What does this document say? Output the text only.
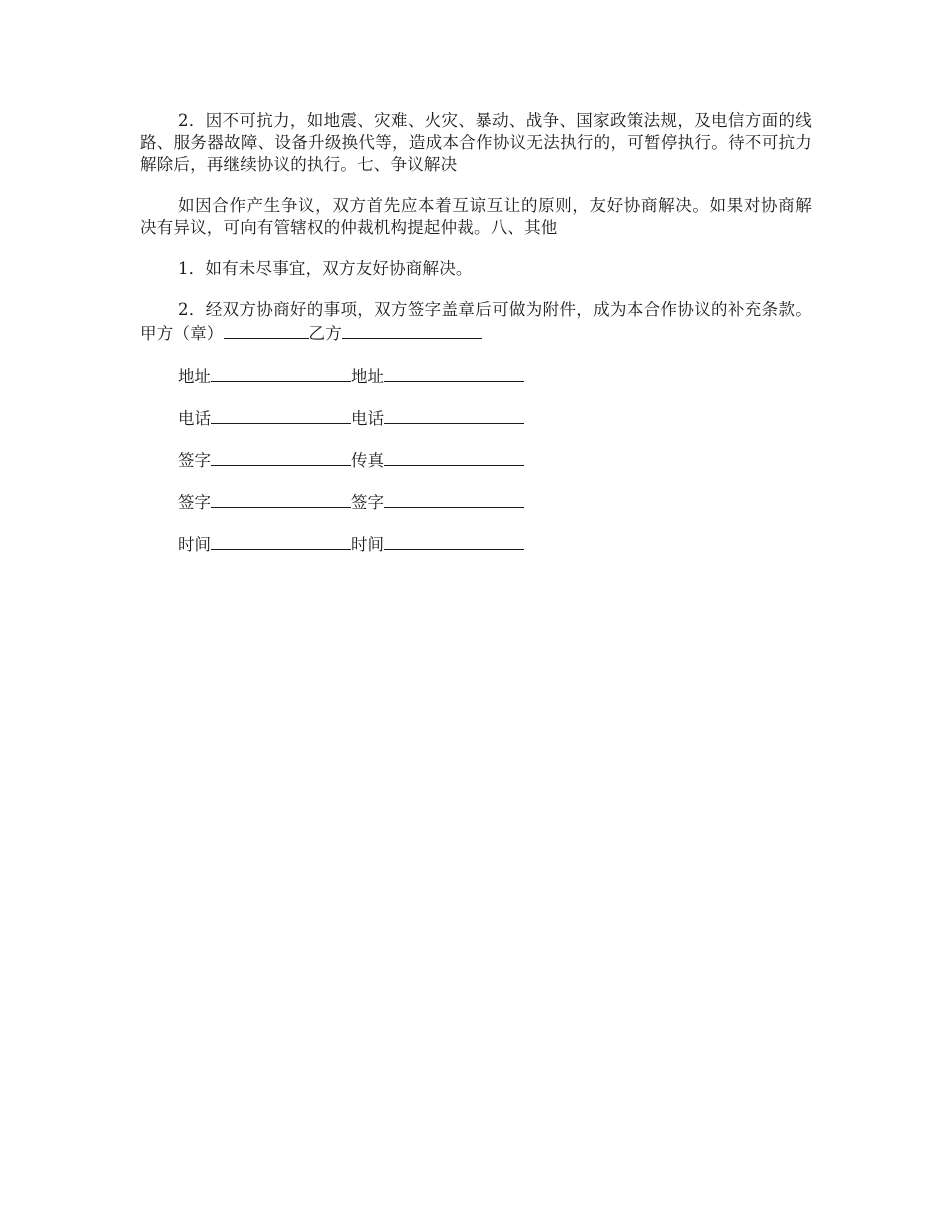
2．因不可抗力，如地震、灾难、火灾、暴动、战争、国家政策法规，及电信方面的线路、服务器故障、设备升级换代等，造成本合作协议无法执行的，可暂停执行。待不可抗力解除后，再继续协议的执行。七、争议解决

如因合作产生争议，双方首先应本着互谅互让的原则，友好协商解决。如果对协商解决有异议，可向有管辖权的仲裁机构提起仲裁。八、其他

1．如有未尽事宜，双方友好协商解决。

2．经双方协商好的事项，双方签字盖章后可做为附件，成为本合作协议的补充条款。甲方（章）	乙方

地址	地址
电话	电话
签字	传真
签字	签字
时间	时间
